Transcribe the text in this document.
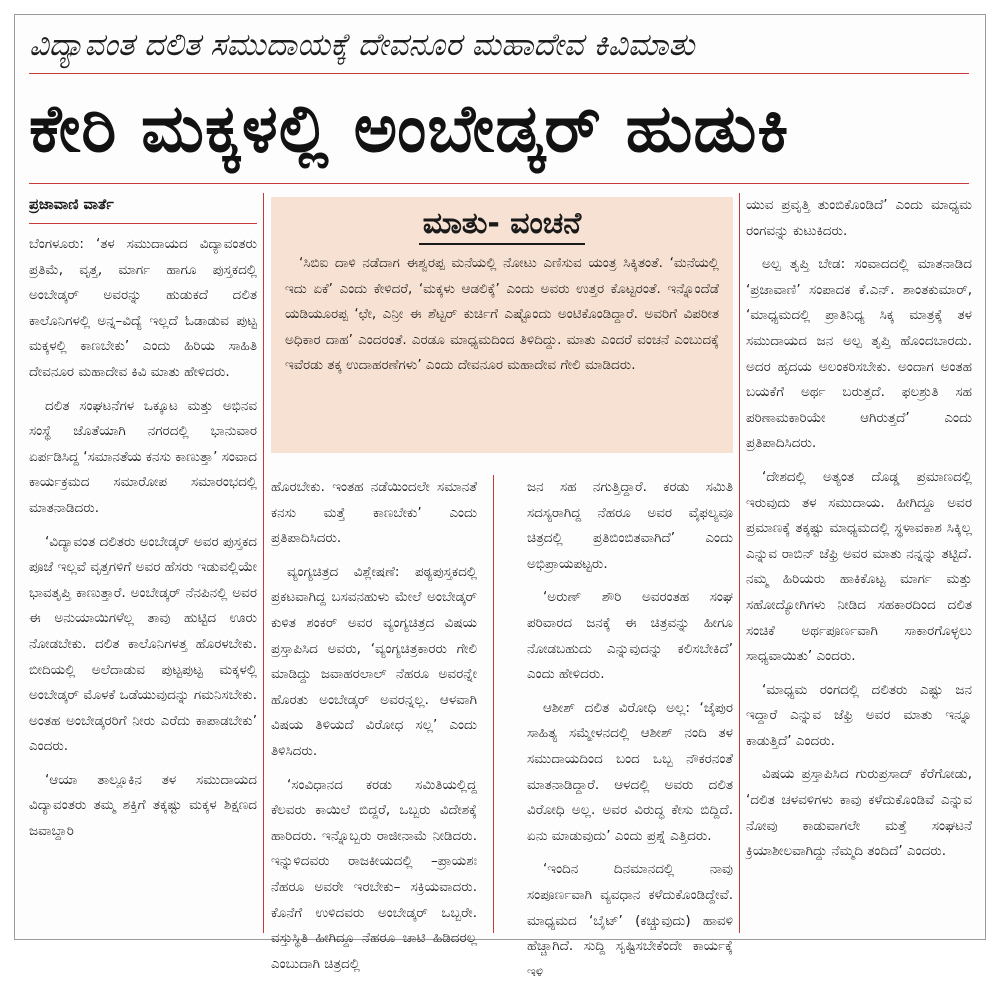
ವಿದ್ಯಾವಂತ ದಲಿತ ಸಮುದಾಯಕ್ಕೆ ದೇವನೂರ ಮಹಾದೇವ ಕಿವಿಮಾತು
ಕೇರಿ ಮಕ್ಕಳಲ್ಲಿ ಅಂಬೇಡ್ಕರ್ ಹುಡುಕಿ
ಪ್ರಜಾವಾಣಿ ವಾರ್ತೆ

ಬೆಂಗಳೂರು: ‘ತಳ ಸಮುದಾಯದ ವಿದ್ಯಾವಂತರು ಪ್ರತಿಮೆ, ವೃತ್ತ, ಮಾರ್ಗ ಹಾಗೂ ಪುಸ್ತಕದಲ್ಲಿ ಅಂಬೇಡ್ಕರ್ ಅವರನ್ನು ಹುಡುಕದೆ ದಲಿತ ಕಾಲೊನಿಗಳಲ್ಲಿ ಅನ್ನ–ವಿದ್ಯೆ ಇಲ್ಲದೆ ಓಡಾಡುವ ಪುಟ್ಟ ಮಕ್ಕಳಲ್ಲಿ ಕಾಣಬೇಕು’ ಎಂದು ಹಿರಿಯ ಸಾಹಿತಿ ದೇವನೂರ ಮಹಾದೇವ ಕಿವಿ ಮಾತು ಹೇಳಿದರು.

ದಲಿತ ಸಂಘಟನೆಗಳ ಒಕ್ಕೂಟ ಮತ್ತು ಅಭಿನವ ಸಂಸ್ಥೆ ಜೊತೆಯಾಗಿ ನಗರದಲ್ಲಿ ಭಾನುವಾರ ಏರ್ಪಡಿಸಿದ್ದ ‘ಸಮಾನತೆಯ ಕನಸು ಕಾಣುತ್ತಾ’ ಸಂವಾದ ಕಾರ್ಯಕ್ರಮದ ಸಮಾರೋಪ ಸಮಾರಂಭದಲ್ಲಿ ಮಾತನಾಡಿದರು.

‘ವಿದ್ಯಾವಂತ ದಲಿತರು ಅಂಬೇಡ್ಕರ್ ಅವರ ಪುಸ್ತಕದ ಪೂಜೆ ಇಲ್ಲವೆ ವೃತ್ತಗಳಿಗೆ ಅವರ ಹೆಸರು ಇಡುವಲ್ಲಿಯೇ ಭಾವತೃಪ್ತಿ ಕಾಣುತ್ತಾರೆ. ಅಂಬೇಡ್ಕರ್ ನೆನಪಿನಲ್ಲಿ ಅವರ ಈ ಅನುಯಾಯಿಗಳೆಲ್ಲ ತಾವು ಹುಟ್ಟಿದ ಊರು ನೋಡಬೇಕು. ದಲಿತ ಕಾಲೊನಿಗಳತ್ತ ಹೊರಳಬೇಕು. ಬೀದಿಯಲ್ಲಿ ಅಲೆದಾಡುವ ಪುಟ್ಟಪುಟ್ಟ ಮಕ್ಕಳಲ್ಲಿ ಅಂಬೇಡ್ಕರ್ ಮೊಳಕೆ ಒಡೆಯುವುದನ್ನು ಗಮನಿಸಬೇಕು. ಅಂತಹ ಅಂಬೇಡ್ಕರರಿಗೆ ನೀರು ಎರೆದು ಕಾಪಾಡಬೇಕು’ ಎಂದರು.

‘ಆಯಾ ತಾಲ್ಲೂಕಿನ ತಳ ಸಮುದಾಯದ ವಿದ್ಯಾವಂತರು ತಮ್ಮ ಶಕ್ತಿಗೆ ತಕ್ಕಷ್ಟು ಮಕ್ಕಳ ಶಿಕ್ಷಣದ ಜವಾಬ್ದಾರಿ

ಮಾತು- ವಂಚನೆ
‘ಸಿಬಿಐ ದಾಳಿ ನಡೆದಾಗ ಈಶ್ವರಪ್ಪ ಮನೆಯಲ್ಲಿ ನೋಟು ಎಣಿಸುವ ಯಂತ್ರ ಸಿಕ್ಕಿತಂತೆ. ‘ಮನೆಯಲ್ಲಿ ಇದು ಏಕೆ’ ಎಂದು ಕೇಳಿದರೆ, ‘ಮಕ್ಕಳು ಆಡಲಿಕ್ಕೆ’ ಎಂದು ಅವರು ಉತ್ತರ ಕೊಟ್ಟರಂತೆ. ಇನ್ನೊಂದೆಡೆ ಯಡಿಯೂರಪ್ಪ ‘ಛೇ, ಎನ್ರೀ ಈ ಶೆಟ್ಟರ್ ಕುರ್ಚಿಗೆ ಎಷ್ಟೊಂದು ಅಂಟಿಕೊಂಡಿದ್ದಾರೆ. ಅವರಿಗೆ ವಿಪರೀತ ಅಧಿಕಾರ ದಾಹ’ ಎಂದರಂತೆ. ಎರಡೂ ಮಾಧ್ಯಮದಿಂದ ತಿಳಿದಿದ್ದು. ಮಾತು ಎಂದರೆ ವಂಚನೆ ಎಂಬುದಕ್ಕೆ ಇವೆರಡು ತಕ್ಕ ಉದಾಹರಣೆಗಳು’ ಎಂದು ದೇವನೂರ ಮಹಾದೇವ ಗೇಲಿ ಮಾಡಿದರು.

ಹೊರಬೇಕು. ಇಂತಹ ನಡೆಯಿಂದಲೇ ಸಮಾನತೆ ಕನಸು ಮತ್ತೆ ಕಾಣಬೇಕು’ ಎಂದು ಪ್ರತಿಪಾದಿಸಿದರು.

ವ್ಯಂಗ್ಯಚಿತ್ರದ ವಿಶ್ಲೇಷಣೆ: ಪಠ್ಯಪುಸ್ತಕದಲ್ಲಿ ಪ್ರಕಟವಾಗಿದ್ದ ಬಸವನಹುಳು ಮೇಲೆ ಅಂಬೇಡ್ಕರ್ ಕುಳಿತ ಶಂಕರ್ ಅವರ ವ್ಯಂಗ್ಯಚಿತ್ರದ ವಿಷಯ ಪ್ರಸ್ತಾಪಿಸಿದ ಅವರು, ‘ವ್ಯಂಗ್ಯಚಿತ್ರಕಾರರು ಗೇಲಿ ಮಾಡಿದ್ದು ಜವಾಹರಲಾಲ್ ನೆಹರೂ ಅವರನ್ನೇ ಹೊರತು ಅಂಬೇಡ್ಕರ್ ಅವರನ್ನಲ್ಲ. ಆಳವಾಗಿ ವಿಷಯ ತಿಳಿಯದೆ ವಿರೋಧ ಸಲ್ಲ’ ಎಂದು ತಿಳಿಸಿದರು.

‘ಸಂವಿಧಾನದ ಕರಡು ಸಮಿತಿಯಲ್ಲಿದ್ದ ಕೆಲವರು ಕಾಯಿಲೆ ಬಿದ್ದರೆ, ಒಬ್ಬರು ವಿದೇಶಕ್ಕೆ ಹಾರಿದರು. ಇನ್ನೊಬ್ಬರು ರಾಜೀನಾಮೆ ನೀಡಿದರು. ಇನ್ನುಳಿದವರು ರಾಜಕೀಯದಲ್ಲಿ –ಪ್ರಾಯಶಃ ನೆಹರೂ ಅವರೇ ಇರಬೇಕು– ಸಕ್ರಿಯವಾದರು. ಕೊನೆಗೆ ಉಳಿದವರು ಅಂಬೇಡ್ಕರ್ ಒಬ್ಬರೇ. ವಸ್ತುಸ್ಥಿತಿ ಹೀಗಿದ್ದೂ ನೆಹರೂ ಚಾಟಿ ಹಿಡಿದರಲ್ಲ ಎಂಬುದಾಗಿ ಚಿತ್ರದಲ್ಲಿ

ಜನ ಸಹ ನಗುತ್ತಿದ್ದಾರೆ. ಕರಡು ಸಮಿತಿ ಸದಸ್ಯರಾಗಿದ್ದ ನೆಹರೂ ಅವರ ವೈಫಲ್ಯವೂ ಚಿತ್ರದಲ್ಲಿ ಪ್ರತಿಬಿಂಬಿತವಾಗಿದೆ’ ಎಂದು ಅಭಿಪ್ರಾಯಪಟ್ಟರು.

‘ಅರುಣ್ ಶೌರಿ ಅವರಂತಹ ಸಂಘ ಪರಿವಾರದ ಜನಕ್ಕೆ ಈ ಚಿತ್ರವನ್ನು ಹೀಗೂ ನೋಡಬಹುದು ಎನ್ನುವುದನ್ನು ಕಲಿಸಬೇಕಿದೆ’ ಎಂದು ಹೇಳಿದರು.

ಆಶೀಶ್ ದಲಿತ ವಿರೋಧಿ ಅಲ್ಲ: ‘ಜೈಪುರ ಸಾಹಿತ್ಯ ಸಮ್ಮೇಳನದಲ್ಲಿ ಆಶೀಶ್ ನಂದಿ ತಳ ಸಮುದಾಯದಿಂದ ಬಂದ ಒಬ್ಬ ನೌಕರನಂತೆ ಮಾತನಾಡಿದ್ದಾರೆ. ಆಳದಲ್ಲಿ ಅವರು ದಲಿತ ವಿರೋಧಿ ಅಲ್ಲ. ಅವರ ವಿರುದ್ಧ ಕೇಸು ಬಿದ್ದಿದೆ. ಏನು ಮಾಡುವುದು’ ಎಂದು ಪ್ರಶ್ನೆ ಎತ್ತಿದರು.

‘ಇಂದಿನ ದಿನಮಾನದಲ್ಲಿ ನಾವು ಸಂಪೂರ್ಣವಾಗಿ ವ್ಯವಧಾನ ಕಳೆದುಕೊಂಡಿದ್ದೇವೆ. ಮಾಧ್ಯಮದ ‘ಬೈಟ್’ (ಕಚ್ಚುವುದು) ಹಾವಳಿ ಹೆಚ್ಚಾಗಿದೆ. ಸುದ್ದಿ ಸೃಷ್ಟಿಸಬೇಕೆಂದೇ ಕಾರ್ಯಕ್ಕೆ ಇಳಿ

ಯುವ ಪ್ರವೃತ್ತಿ ತುಂಬಿಕೊಂಡಿದೆ’ ಎಂದು ಮಾಧ್ಯಮ ರಂಗವನ್ನು ಕುಟುಕಿದರು.

ಅಲ್ಪ ತೃಪ್ತಿ ಬೇಡ: ಸಂವಾದದಲ್ಲಿ ಮಾತನಾಡಿದ ‘ಪ್ರಜಾವಾಣಿ’ ಸಂಪಾದಕ ಕೆ.ಎನ್. ಶಾಂತಕುಮಾರ್, ‘ಮಾಧ್ಯಮದಲ್ಲಿ ಪ್ರಾತಿನಿಧ್ಯ ಸಿಕ್ಕ ಮಾತ್ರಕ್ಕೆ ತಳ ಸಮುದಾಯದ ಜನ ಅಲ್ಪ ತೃಪ್ತಿ ಹೊಂದಬಾರದು. ಅದರ ಹೃದಯ ಅಲಂಕರಿಸಬೇಕು. ಅಂದಾಗ ಅಂತಹ ಬಯಕೆಗೆ ಅರ್ಥ ಬರುತ್ತದೆ. ಫಲಶ್ರುತಿ ಸಹ ಪರಿಣಾಮಕಾರಿಯೇ ಆಗಿರುತ್ತದೆ’ ಎಂದು ಪ್ರತಿಪಾದಿಸಿದರು.

‘ದೇಶದಲ್ಲಿ ಅತ್ಯಂತ ದೊಡ್ಡ ಪ್ರಮಾಣದಲ್ಲಿ ಇರುವುದು ತಳ ಸಮುದಾಯ. ಹೀಗಿದ್ದೂ ಅವರ ಪ್ರಮಾಣಕ್ಕೆ ತಕ್ಕಷ್ಟು ಮಾಧ್ಯಮದಲ್ಲಿ ಸ್ಥಳಾವಕಾಶ ಸಿಕ್ಕಿಲ್ಲ ಎನ್ನುವ ರಾಬಿನ್ ಜೆಫ್ರಿ ಅವರ ಮಾತು ನನ್ನನ್ನು ತಟ್ಟಿದೆ. ನಮ್ಮ ಹಿರಿಯರು ಹಾಕಿಕೊಟ್ಟ ಮಾರ್ಗ ಮತ್ತು ಸಹೋದ್ಯೋಗಿಗಳು ನೀಡಿದ ಸಹಕಾರದಿಂದ ದಲಿತ ಸಂಚಿಕೆ ಅರ್ಥಪೂರ್ಣವಾಗಿ ಸಾಕಾರಗೊಳ್ಳಲು ಸಾಧ್ಯವಾಯಿತು’ ಎಂದರು.

‘ಮಾಧ್ಯಮ ರಂಗದಲ್ಲಿ ದಲಿತರು ಎಷ್ಟು ಜನ ಇದ್ದಾರೆ ಎನ್ನುವ ಜೆಫ್ರಿ ಅವರ ಮಾತು ಇನ್ನೂ ಕಾಡುತ್ತಿದೆ’ ಎಂದರು.

ವಿಷಯ ಪ್ರಸ್ತಾಪಿಸಿದ ಗುರುಪ್ರಸಾದ್ ಕೆರೆಗೋಡು, ‘ದಲಿತ ಚಳವಳಿಗಳು ಕಾವು ಕಳೆದುಕೊಂಡಿವೆ ಎನ್ನುವ ನೋವು ಕಾಡುವಾಗಲೇ ಮತ್ತೆ ಸಂಘಟನೆ ಕ್ರಿಯಾಶೀಲವಾಗಿದ್ದು ನೆಮ್ಮದಿ ತಂದಿದೆ’ ಎಂದರು.
